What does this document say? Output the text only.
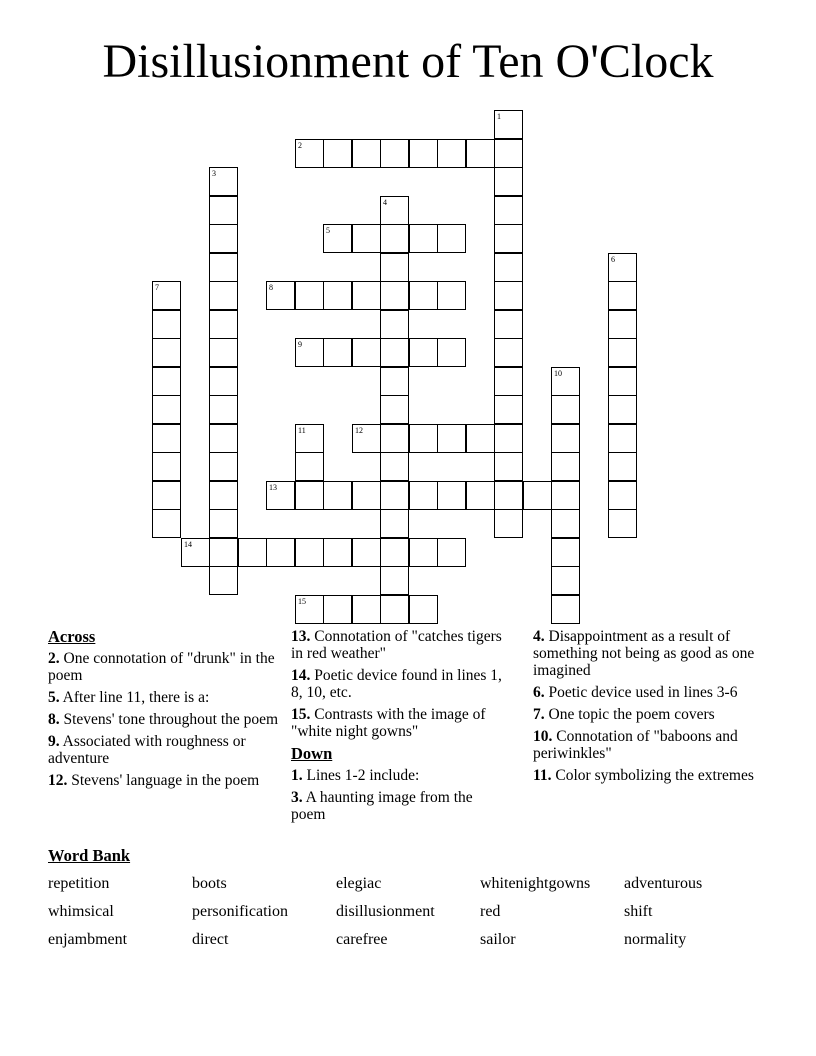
Disillusionment of Ten O'Clock
1
2
3
4
5
6
7	8
9
10
11	12
13
14
15
Across
2. One connotation of "drunk" in the poem
5. After line 11, there is a:
8. Stevens' tone throughout the poem
9. Associated with roughness or adventure
12. Stevens' language in the poem
13. Connotation of "catches tigers in red weather"
14. Poetic device found in lines 1, 8, 10, etc.
15. Contrasts with the image of "white night gowns"
Down
1. Lines 1-2 include:
3. A haunting image from the poem
4. Disappointment as a result of something not being as good as one imagined
6. Poetic device used in lines 3-6
7. One topic the poem covers
10. Connotation of "baboons and periwinkles"
11. Color symbolizing the extremes
Word Bank
repetition	boots	elegiac	whitenightgowns adventurous
whimsical	personification	disillusionment	red	shift
enjambment	direct	carefree	sailor	normality
